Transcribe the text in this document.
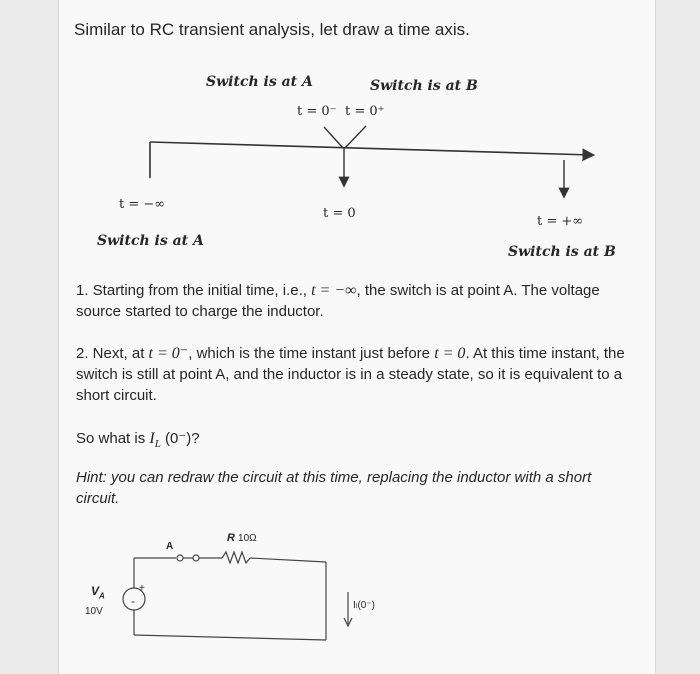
Similar to RC transient analysis, let draw a time axis.
Switch is at A	Switch is at B
t = 0⁻ t = 0⁺
t = −∞
t = 0
t = +∞
Switch is at A
Switch is at B
1. Starting from the initial time, i.e., t = −∞, the switch is at point A. The voltage source started to charge the inductor.
2. Next, at t = 0⁻, which is the time instant just before t = 0. At this time instant, the switch is still at point A, and the inductor is in a steady state, so it is equivalent to a short circuit.
So what is $I_L$ (0⁻)?
Hint: you can redraw the circuit at this time, replacing the inductor with a short circuit.
R 10Ω
A
$V_A$
10V
+
-	Iₗ(0⁻)
